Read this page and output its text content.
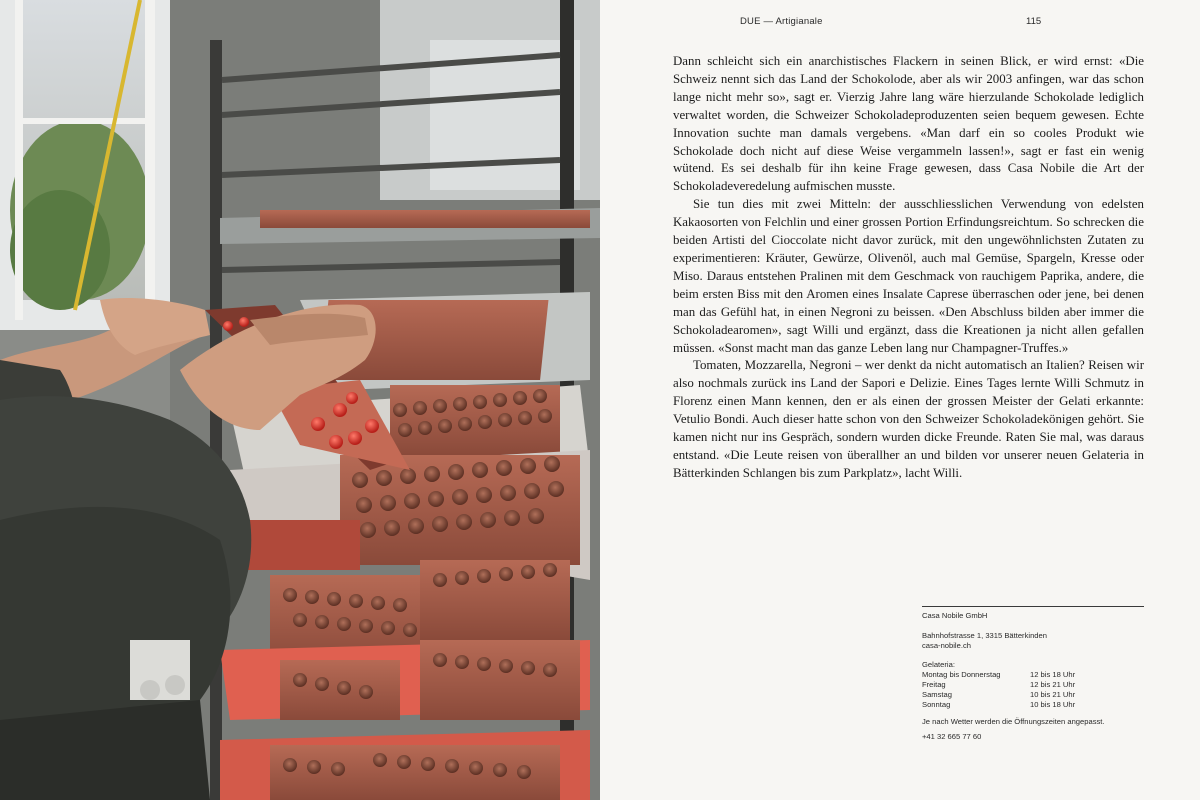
DUE — Artigianale	115

Dann schleicht sich ein anarchistisches Flackern in seinen Blick, er wird ernst: «Die Schweiz nennt sich das Land der Schokolode, aber als wir 2003 anfingen, war das schon lange nicht mehr so», sagt er. Vierzig Jahre lang wäre hierzulande Schokolade lediglich verwaltet worden, die Schweizer Schokoladeproduzenten seien bequem gewesen. Echte Innovation suchte man damals vergebens. «Man darf ein so cooles Produkt wie Schokolade doch nicht auf diese Weise vergammeln lassen!», sagt er fast ein wenig wütend. Es sei deshalb für ihn keine Frage gewesen, dass Casa Nobile die Art der Schokoladeveredelung aufmischen musste.

Sie tun dies mit zwei Mitteln: der ausschliesslichen Verwendung von edelsten Kakaosorten von Felchlin und einer grossen Portion Erfindungsreichtum. So schrecken die beiden Artisti del Cioccolate nicht davor zurück, mit den ungewöhnlichsten Zutaten zu experimentieren: Kräuter, Gewürze, Olivenöl, auch mal Gemüse, Spargeln, Kresse oder Miso. Daraus entstehen Pralinen mit dem Geschmack von rauchigem Paprika, andere, die beim ersten Biss mit den Aromen eines Insalate Caprese überraschen oder jene, bei denen man das Gefühl hat, in einen Negroni zu beissen. «Den Abschluss bilden aber immer die Schokoladearomen», sagt Willi und ergänzt, dass die Kreationen ja nicht allen gefallen müssen. «Sonst macht man das ganze Leben lang nur Champagner-Truffes.»

Tomaten, Mozzarella, Negroni – wer denkt da nicht automatisch an Italien? Reisen wir also nochmals zurück ins Land der Sapori e Delizie. Eines Tages lernte Willi Schmutz in Florenz einen Mann kennen, den er als einen der grossen Meister der Gelati erkannte: Vetulio Bondi. Auch dieser hatte schon von den Schweizer Schokoladekönigen gehört. Sie kamen nicht nur ins Gespräch, sondern wurden dicke Freunde. Raten Sie mal, was daraus entstand. «Die Leute reisen von überallher an und bilden vor unserer neuen Gelateria in Bätterkinden Schlangen bis zum Parkplatz», lacht Willi.

Casa Nobile GmbH
Bahnhofstrasse 1, 3315 Bätterkinden
casa-nobile.ch
Gelateria:
Montag bis Donnerstag	12 bis 18 Uhr
Freitag	12 bis 21 Uhr
Samstag	10 bis 21 Uhr
Sonntag	10 bis 18 Uhr
Je nach Wetter werden die Öffnungszeiten angepasst.
+41 32 665 77 60
